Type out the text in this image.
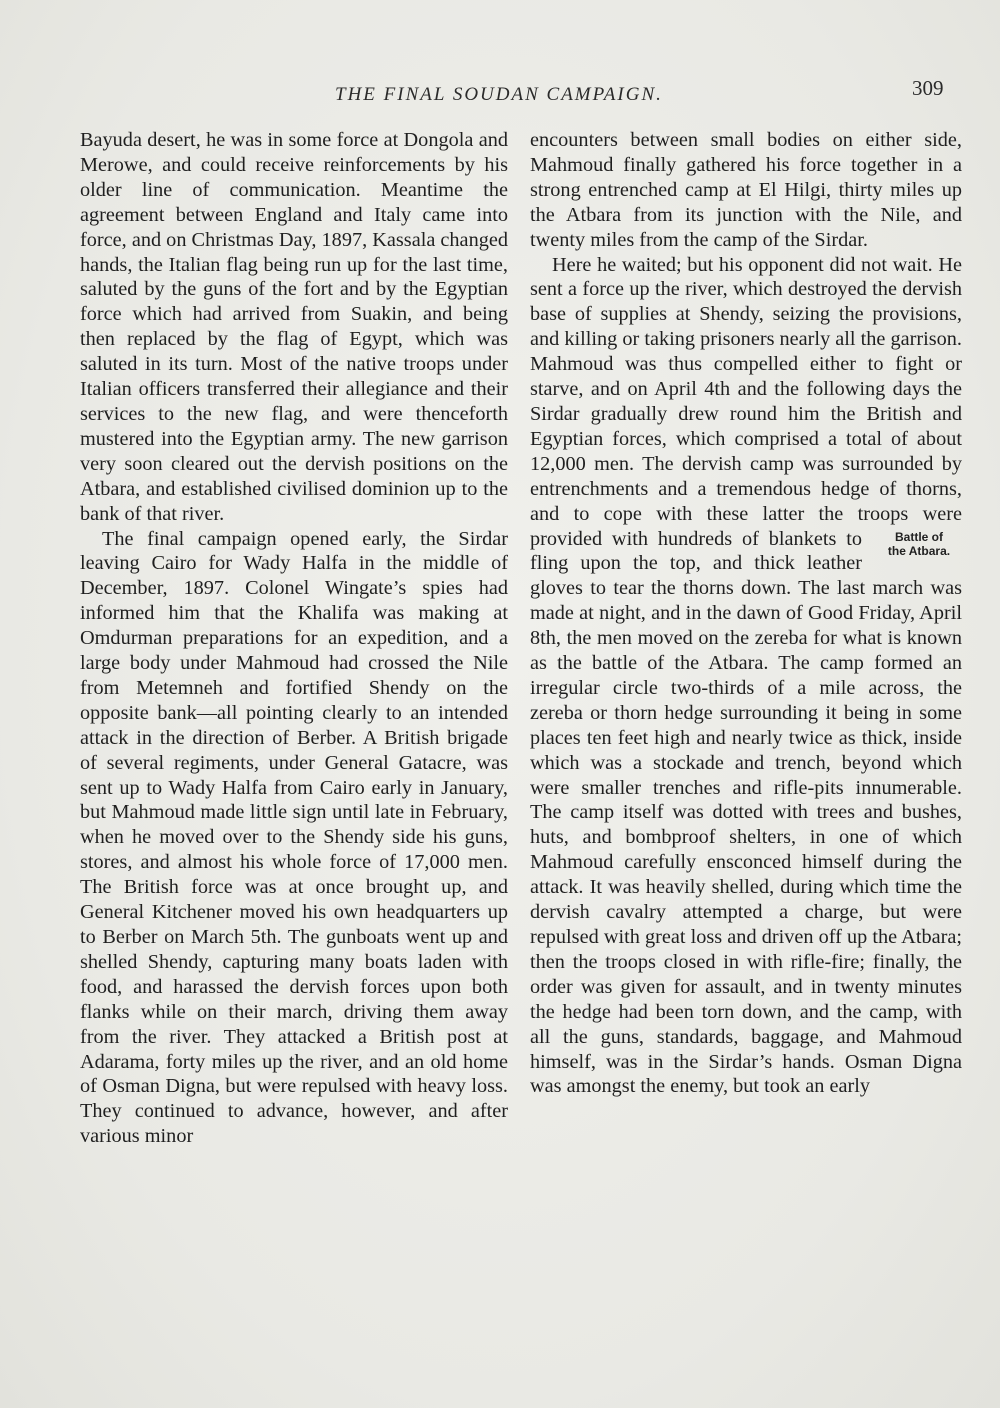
THE FINAL SOUDAN CAMPAIGN.	309

Bayuda desert, he was in some force at Dongola and Merowe, and could receive reinforcements by his older line of communication. Meantime the agreement between England and Italy came into force, and on Christmas Day, 1897, Kassala changed hands, the Italian flag being run up for the last time, saluted by the guns of the fort and by the Egyptian force which had arrived from Suakin, and being then replaced by the flag of Egypt, which was saluted in its turn. Most of the native troops under Italian officers transferred their allegiance and their services to the new flag, and were thenceforth mustered into the Egyptian army. The new garrison very soon cleared out the dervish positions on the Atbara, and established civilised dominion up to the bank of that river.

The final campaign opened early, the Sirdar leaving Cairo for Wady Halfa in the middle of December, 1897. Colonel Wingate’s spies had informed him that the Khalifa was making at Omdurman preparations for an expedition, and a large body under Mahmoud had crossed the Nile from Metemneh and fortified Shendy on the opposite bank—all pointing clearly to an intended attack in the direction of Berber. A British brigade of several regiments, under General Gatacre, was sent up to Wady Halfa from Cairo early in January, but Mahmoud made little sign until late in February, when he moved over to the Shendy side his guns, stores, and almost his whole force of 17,000 men. The British force was at once brought up, and General Kitchener moved his own headquarters up to Berber on March 5th. The gunboats went up and shelled Shendy, capturing many boats laden with food, and harassed the dervish forces upon both flanks while on their march, driving them away from the river. They attacked a British post at Adarama, forty miles up the river, and an old home of Osman Digna, but were repulsed with heavy loss. They continued to advance, however, and after various minor

encounters between small bodies on either side, Mahmoud finally gathered his force together in a strong entrenched camp at El Hilgi, thirty miles up the Atbara from its junction with the Nile, and twenty miles from the camp of the Sirdar.

Here he waited; but his opponent did not wait. He sent a force up the river, which destroyed the dervish base of supplies at Shendy, seizing the provisions, and killing or taking prisoners nearly all the garrison. Mahmoud was thus compelled either to fight or starve, and on April 4th and the following days the Sirdar gradually drew round him the British and Egyptian forces, which comprised a total of about 12,000 men. The dervish camp was surrounded by entrenchments and a tremendous hedge of thorns, and to cope with these latter the troops were provided with	Battle of
the Atbara.
hundreds of blankets to fling upon the top, and thick leather gloves to tear the thorns down. The last march was made at night, and in the dawn of Good Friday, April 8th, the men moved on the zereba for what is known as the battle of the Atbara. The camp formed an irregular circle two-thirds of a mile across, the zereba or thorn hedge surrounding it being in some places ten feet high and nearly twice as thick, inside which was a stockade and trench, beyond which were smaller trenches and rifle-pits innumerable. The camp itself was dotted with trees and bushes, huts, and bombproof shelters, in one of which Mahmoud carefully ensconced himself during the attack. It was heavily shelled, during which time the dervish cavalry attempted a charge, but were repulsed with great loss and driven off up the Atbara; then the troops closed in with rifle-fire; finally, the order was given for assault, and in twenty minutes the hedge had been torn down, and the camp, with all the guns, standards, baggage, and Mahmoud himself, was in the Sirdar’s hands. Osman Digna was amongst the enemy, but took an early
